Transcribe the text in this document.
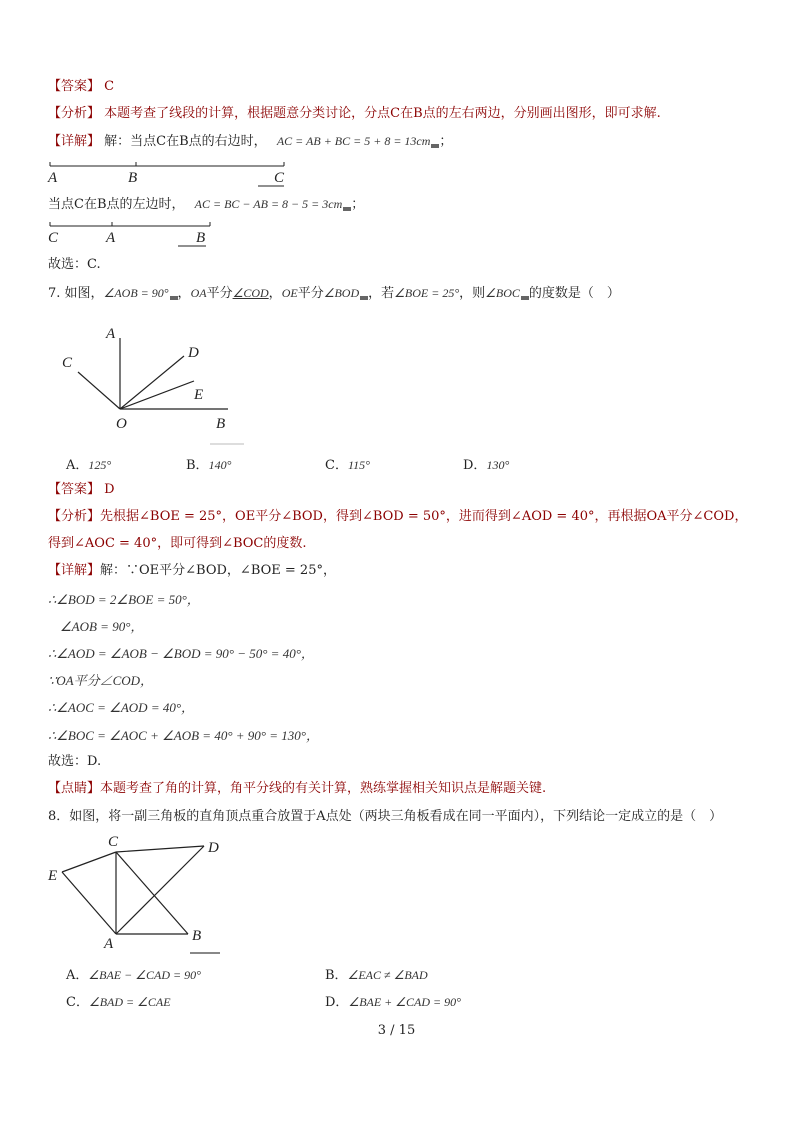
【答案】 C
【分析】 本题考查了线段的计算，根据题意分类讨论，分点C在B点的左右两边，分别画出图形，即可求解.
【详解】 解：当点C在B点的右边时， AC = AB + BC = 5 + 8 = 13cm ；
当点C在B点的左边时， AC = BC − AB = 8 − 5 = 3cm ；
故选：C.
7. 如图，∠AOB = 90° ，OA平分∠COD，OE平分∠BOD ，若∠BOE = 25°，则∠BOC 的度数是（　）
A．125°	B．140°	C．115°	D．130°
【答案】 D
【分析】先根据∠BOE = 25°，OE平分∠BOD，得到∠BOD = 50°，进而得到∠AOD = 40°，再根据OA平分∠COD，
得到∠AOC = 40°，即可得到∠BOC的度数.
【详解】解：∵OE平分∠BOD，∠BOE = 25°，
∴∠BOD = 2∠BOE = 50°，
∠AOB = 90°，
∴∠AOD = ∠AOB − ∠BOD = 90° − 50° = 40°，
∵OA平分∠COD，
∴∠AOC = ∠AOD = 40°，
∴∠BOC = ∠AOC + ∠AOB = 40° + 90° = 130°，
故选：D.
【点睛】本题考查了角的计算，角平分线的有关计算，熟练掌握相关知识点是解题关键.
8．如图，将一副三角板的直角顶点重合放置于A点处（两块三角板看成在同一平面内），下列结论一定成立的是（　）
A．∠BAE − ∠CAD = 90°	B．∠EAC ≠ ∠BAD
C．∠BAD = ∠CAE	D．∠BAE + ∠CAD = 90°
3 / 15
A	B	C
C	A	B
A
C
D
E
O	B
C	D
E
A	B
